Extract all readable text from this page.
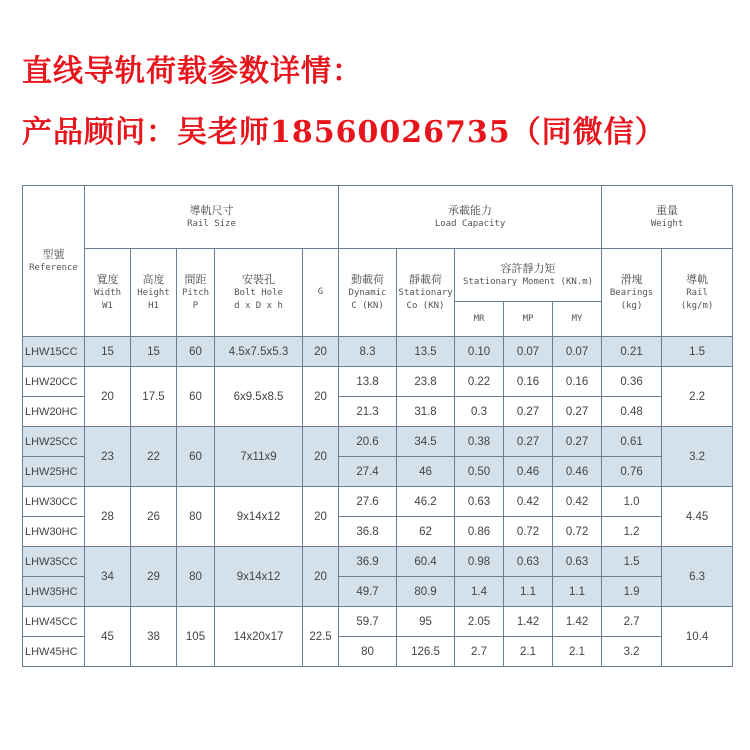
直线导轨荷载参数详情：
产品顾问：吴老师18560026735（同微信）
型號
Reference	導軌尺寸
Rail Size					承載能力
Load Capacity					重量
Weight	

	寬度
Width
W1	高度
Height
H1	間距
Pitch
P	安裝孔
Bolt Hole
d x D x h	G	動載荷
Dynamic
C (KN)	靜載荷
Stationary
Co (KN)	容許靜力矩
Stationary Moment (KN.m)			滑塊
Bearings
(kg)	導軌
Rail
(kg/m)

								MR	MP	MY		

LHW15CC	15	15	60	4.5x7.5x5.3	20	8.3	13.5	0.10	0.07	0.07	0.21	1.5
LHW20CC	20	17.5	60	6x9.5x8.5	20	13.8	23.8	0.22	0.16	0.16	0.36	2.2
LHW20HC						21.3	31.8	0.3	0.27	0.27	0.48	
LHW25CC	23	22	60	7x11x9	20	20.6	34.5	0.38	0.27	0.27	0.61	3.2
LHW25HC						27.4	46	0.50	0.46	0.46	0.76	
LHW30CC	28	26	80	9x14x12	20	27.6	46.2	0.63	0.42	0.42	1.0	4.45
LHW30HC						36.8	62	0.86	0.72	0.72	1.2	
LHW35CC	34	29	80	9x14x12	20	36.9	60.4	0.98	0.63	0.63	1.5	6.3
LHW35HC						49.7	80.9	1.4	1.1	1.1	1.9	
LHW45CC	45	38	105	14x20x17	22.5	59.7	95	2.05	1.42	1.42	2.7	10.4
LHW45HC						80	126.5	2.7	2.1	2.1	3.2	
